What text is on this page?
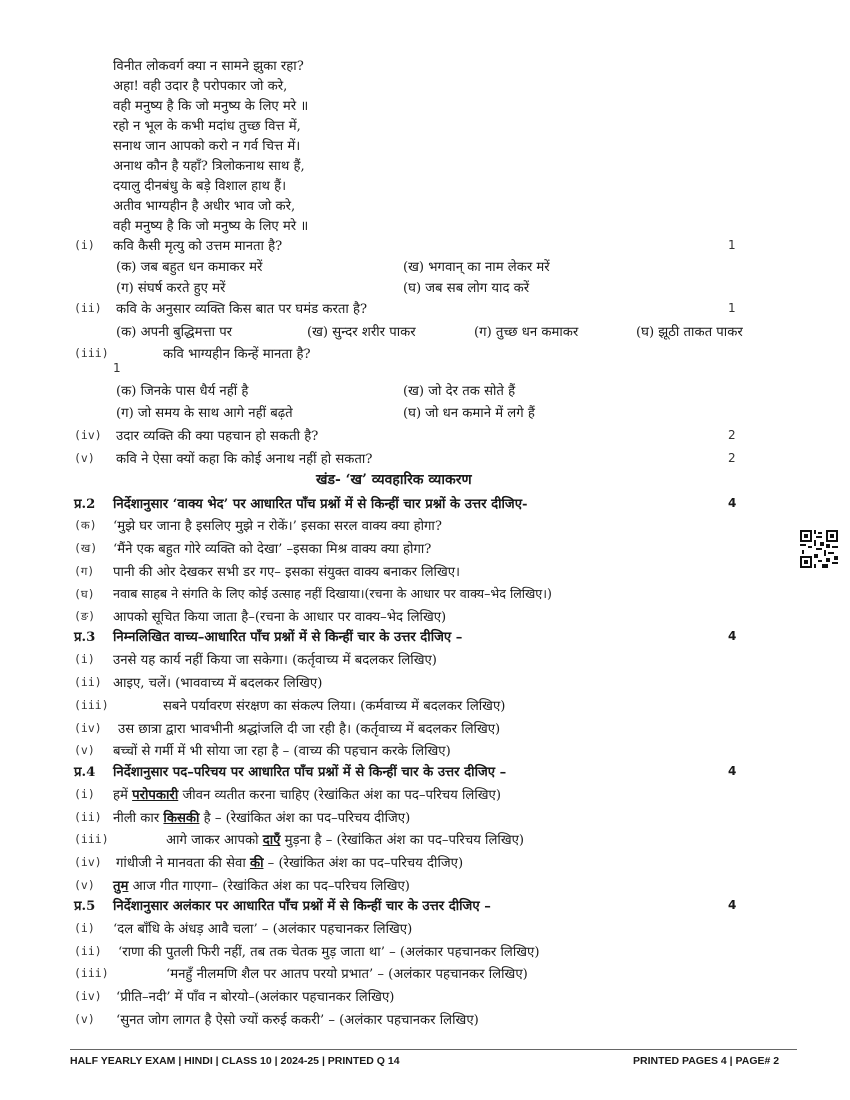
विनीत लोकवर्ग क्या न सामने झुका रहा?
अहा! वही उदार है परोपकार जो करे,
वही मनुष्य है कि जो मनुष्य के लिए मरे ॥
रहो न भूल के कभी मदांध तुच्छ वित्त में,
सनाथ जान आपको करो न गर्व चित्त में।
अनाथ कौन है यहाँ? त्रिलोकनाथ साथ हैं,
दयालु दीनबंधु के बड़े विशाल हाथ हैं।
अतीव भाग्यहीन है अधीर भाव जो करे,
वही मनुष्य है कि जो मनुष्य के लिए मरे ॥
(i) कवि कैसी मृत्यु को उत्तम मानता है?	1
(क) जब बहुत धन कमाकर मरें	(ख) भगवान् का नाम लेकर मरें
(ग) संघर्ष करते हुए मरें	(घ) जब सब लोग याद करें
(ii) कवि के अनुसार व्यक्ति किस बात पर घमंड करता है?	1
(क) अपनी बुद्धिमत्ता पर	(ख) सुन्दर शरीर पाकर	(ग) तुच्छ धन कमाकर	(घ) झूठी ताकत पाकर
(iii)	कवि भाग्यहीन किन्हें मानता है?
1
(क) जिनके पास धैर्य नहीं है	(ख) जो देर तक सोते हैं
(ग) जो समय के साथ आगे नहीं बढ़ते	(घ) जो धन कमाने में लगे हैं
(iv) उदार व्यक्ति की क्या पहचान हो सकती है?	2
(v) कवि ने ऐसा क्यों कहा कि कोई अनाथ नहीं हो सकता?	2
खंड- ‘ख’ व्यवहारिक व्याकरण
प्र.2 निर्देशानुसार ‘वाक्य भेद’ पर आधारित पाँच प्रश्नों में से किन्हीं चार प्रश्नों के उत्तर दीजिए-	4
(क) ‘मुझे घर जाना है इसलिए मुझे न रोकें।’ इसका सरल वाक्य क्या होगा?
(ख) ‘मैंने एक बहुत गोरे व्यक्ति को देखा’ –इसका मिश्र वाक्य क्या होगा?
(ग) पानी की ओर देखकर सभी डर गए– इसका संयुक्त वाक्य बनाकर लिखिए।
(घ) नवाब साहब ने संगति के लिए कोई उत्साह नहीं दिखाया।(रचना के आधार पर वाक्य–भेद लिखिए।)
(ङ) आपको सूचित किया जाता है–(रचना के आधार पर वाक्य–भेद लिखिए)
प्र.3 निम्नलिखित वाच्य–आधारित पाँच प्रश्नों में से किन्हीं चार के उत्तर दीजिए –	4
(i) उनसे यह कार्य नहीं किया जा सकेगा। (कर्तृवाच्य में बदलकर लिखिए)
(ii) आइए, चलें। (भाववाच्य में बदलकर लिखिए)
(iii)	सबने पर्यावरण संरक्षण का संकल्प लिया। (कर्मवाच्य में बदलकर लिखिए)
(iv) उस छात्रा द्वारा भावभीनी श्रद्धांजलि दी जा रही है। (कर्तृवाच्य में बदलकर लिखिए)
(v) बच्चों से गर्मी में भी सोया जा रहा है – (वाच्य की पहचान करके लिखिए)
प्र.4 निर्देशानुसार पद–परिचय पर आधारित पाँच प्रश्नों में से किन्हीं चार के उत्तर दीजिए –	4
(i) हमें परोपकारी जीवन व्यतीत करना चाहिए (रेखांकित अंश का पद–परिचय लिखिए)
(ii) नीली कार किसकी है – (रेखांकित अंश का पद–परिचय दीजिए)
(iii)	आगे जाकर आपको दाएँ मुड़ना है – (रेखांकित अंश का पद–परिचय लिखिए)
(iv) गांधीजी ने मानवता की सेवा की – (रेखांकित अंश का पद–परिचय दीजिए)
(v) तुम आज गीत गाएगा– (रेखांकित अंश का पद–परिचय लिखिए)
प्र.5 निर्देशानुसार अलंकार पर आधारित पाँच प्रश्नों में से किन्हीं चार के उत्तर दीजिए –	4
(i) ‘दल बाँधि के अंधड़ आवै चला’ – (अलंकार पहचानकर लिखिए)
(ii) ‘राणा की पुतली फिरी नहीं, तब तक चेतक मुड़ जाता था’ – (अलंकार पहचानकर लिखिए)
(iii)	‘मनहुँ नीलमणि शैल पर आतप परयो प्रभात’ – (अलंकार पहचानकर लिखिए)
(iv) ‘प्रीति–नदी’ में पाँव न बोरयो–(अलंकार पहचानकर लिखिए)
(v) ‘सुनत जोग लागत है ऐसो ज्यों करुई ककरी’ – (अलंकार पहचानकर लिखिए)
HALF YEARLY EXAM | HINDI | CLASS 10 | 2024-25 | PRINTED Q 14	PRINTED PAGES 4 | PAGE# 2
